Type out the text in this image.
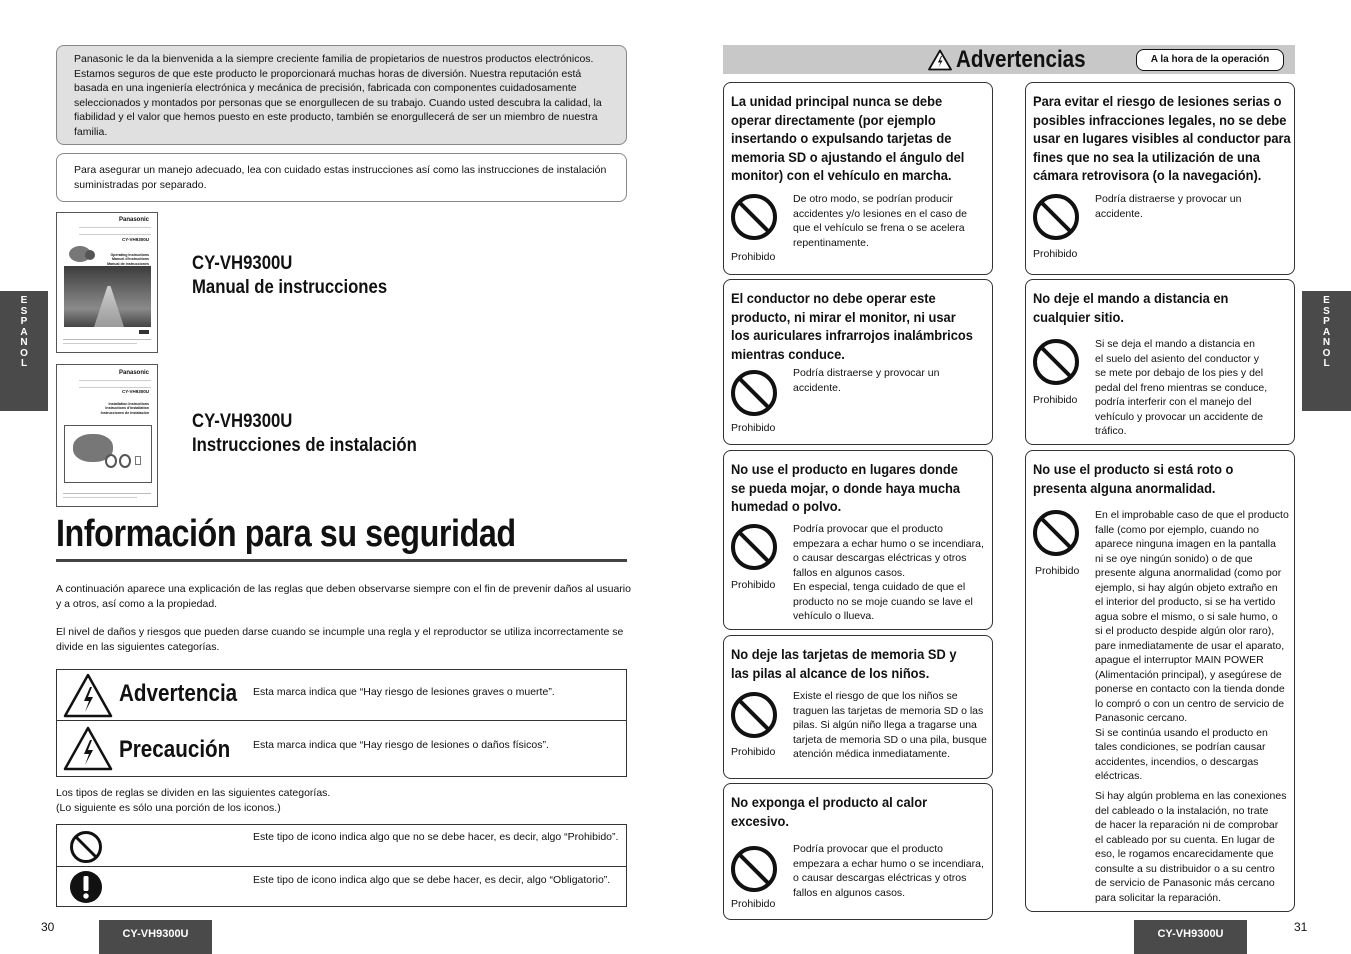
E
S
P
A
N
O
L
Panasonic le da la bienvenida a la siempre creciente familia de propietarios de nuestros productos electrónicos.
Estamos seguros de que este producto le proporcionará muchas horas de diversión. Nuestra reputación está
basada en una ingeniería electrónica y mecánica de precisión, fabricada con componentes cuidadosamente
seleccionados y montados por personas que se enorgullecen de su trabajo. Cuando usted descubra la calidad, la
fiabilidad y el valor que hemos puesto en este producto, también se enorgullecerá de ser un miembro de nuestra
familia.
Para asegurar un manejo adecuado, lea con cuidado estas instrucciones así como las instrucciones de instalación
suministradas por separado.
Panasonic
CY-VH9300U
Operating Instructions
Manuel d'instructions
Manual de instrucciones CY-VH9300U
Manual de instrucciones
Panasonic
CY-VH9300U
Installation Instructions
Instructions d'installation
Instrucciones de instalación CY-VH9300U
Instrucciones de instalación
Información para su seguridad
A continuación aparece una explicación de las reglas que deben observarse siempre con el fin de prevenir daños al usuario
y a otros, así como a la propiedad.
El nivel de daños y riesgos que pueden darse cuando se incumple una regla y el reproductor se utiliza incorrectamente se
divide en las siguientes categorías.
Advertencia Esta marca indica que “Hay riesgo de lesiones graves o muerte”.
Precaución Esta marca indica que “Hay riesgo de lesiones o daños físicos”.
Los tipos de reglas se dividen en las siguientes categorías.
(Lo siguiente es sólo una porción de los iconos.)
Este tipo de icono indica algo que no se debe hacer, es decir, algo “Prohibido”.
Este tipo de icono indica algo que se debe hacer, es decir, algo “Obligatorio”.
30	CY-VH9300U
Advertencias	A la hora de la operación
La unidad principal nunca se debe
operar directamente (por ejemplo
insertando o expulsando tarjetas de
memoria SD o ajustando el ángulo del
monitor) con el vehículo en marcha.
Prohibido
De otro modo, se podrían producir
accidentes y/o lesiones en el caso de
que el vehículo se frena o se acelera
repentinamente.
El conductor no debe operar este
producto, ni mirar el monitor, ni usar
los auriculares infrarrojos inalámbricos
mientras conduce.
Prohibido
Podría distraerse y provocar un
accidente.
No use el producto en lugares donde
se pueda mojar, o donde haya mucha
humedad o polvo.
Prohibido
Podría provocar que el producto
empezara a echar humo o se incendiara,
o causar descargas eléctricas y otros
fallos en algunos casos.
En especial, tenga cuidado de que el
producto no se moje cuando se lave el
vehículo o llueva.
No deje las tarjetas de memoria SD y
las pilas al alcance de los niños.
Prohibido
Existe el riesgo de que los niños se
traguen las tarjetas de memoria SD o las
pilas. Si algún niño llega a tragarse una
tarjeta de memoria SD o una pila, busque
atención médica inmediatamente.
No exponga el producto al calor
excesivo.
Prohibido
Podría provocar que el producto
empezara a echar humo o se incendiara,
o causar descargas eléctricas y otros
fallos en algunos casos.
Para evitar el riesgo de lesiones serias o
posibles infracciones legales, no se debe
usar en lugares visibles al conductor para
fines que no sea la utilización de una
cámara retrovisora (o la navegación).
Prohibido
Podría distraerse y provocar un
accidente.
No deje el mando a distancia en
cualquier sitio.
Prohibido
Si se deja el mando a distancia en
el suelo del asiento del conductor y
se mete por debajo de los pies y del
pedal del freno mientras se conduce,
podría interferir con el manejo del
vehículo y provocar un accidente de
tráfico.
No use el producto si está roto o
presenta alguna anormalidad.
Prohibido
En el improbable caso de que el producto
falle (como por ejemplo, cuando no
aparece ninguna imagen en la pantalla
ni se oye ningún sonido) o de que
presente alguna anormalidad (como por
ejemplo, si hay algún objeto extraño en
el interior del producto, si se ha vertido
agua sobre el mismo, o si sale humo, o
si el producto despide algún olor raro),
pare inmediatamente de usar el aparato,
apague el interruptor MAIN POWER
(Alimentación principal), y asegúrese de
ponerse en contacto con la tienda donde
lo compró o con un centro de servicio de
Panasonic cercano.
Si se continúa usando el producto en
tales condiciones, se podrían causar
accidentes, incendios, o descargas
eléctricas.
Si hay algún problema en las conexiones
del cableado o la instalación, no trate
de hacer la reparación ni de comprobar
el cableado por su cuenta. En lugar de
eso, le rogamos encarecidamente que
consulte a su distribuidor o a su centro
de servicio de Panasonic más cercano
para solicitar la reparación.
E
S
P
A
N
O
L
CY-VH9300U	31
